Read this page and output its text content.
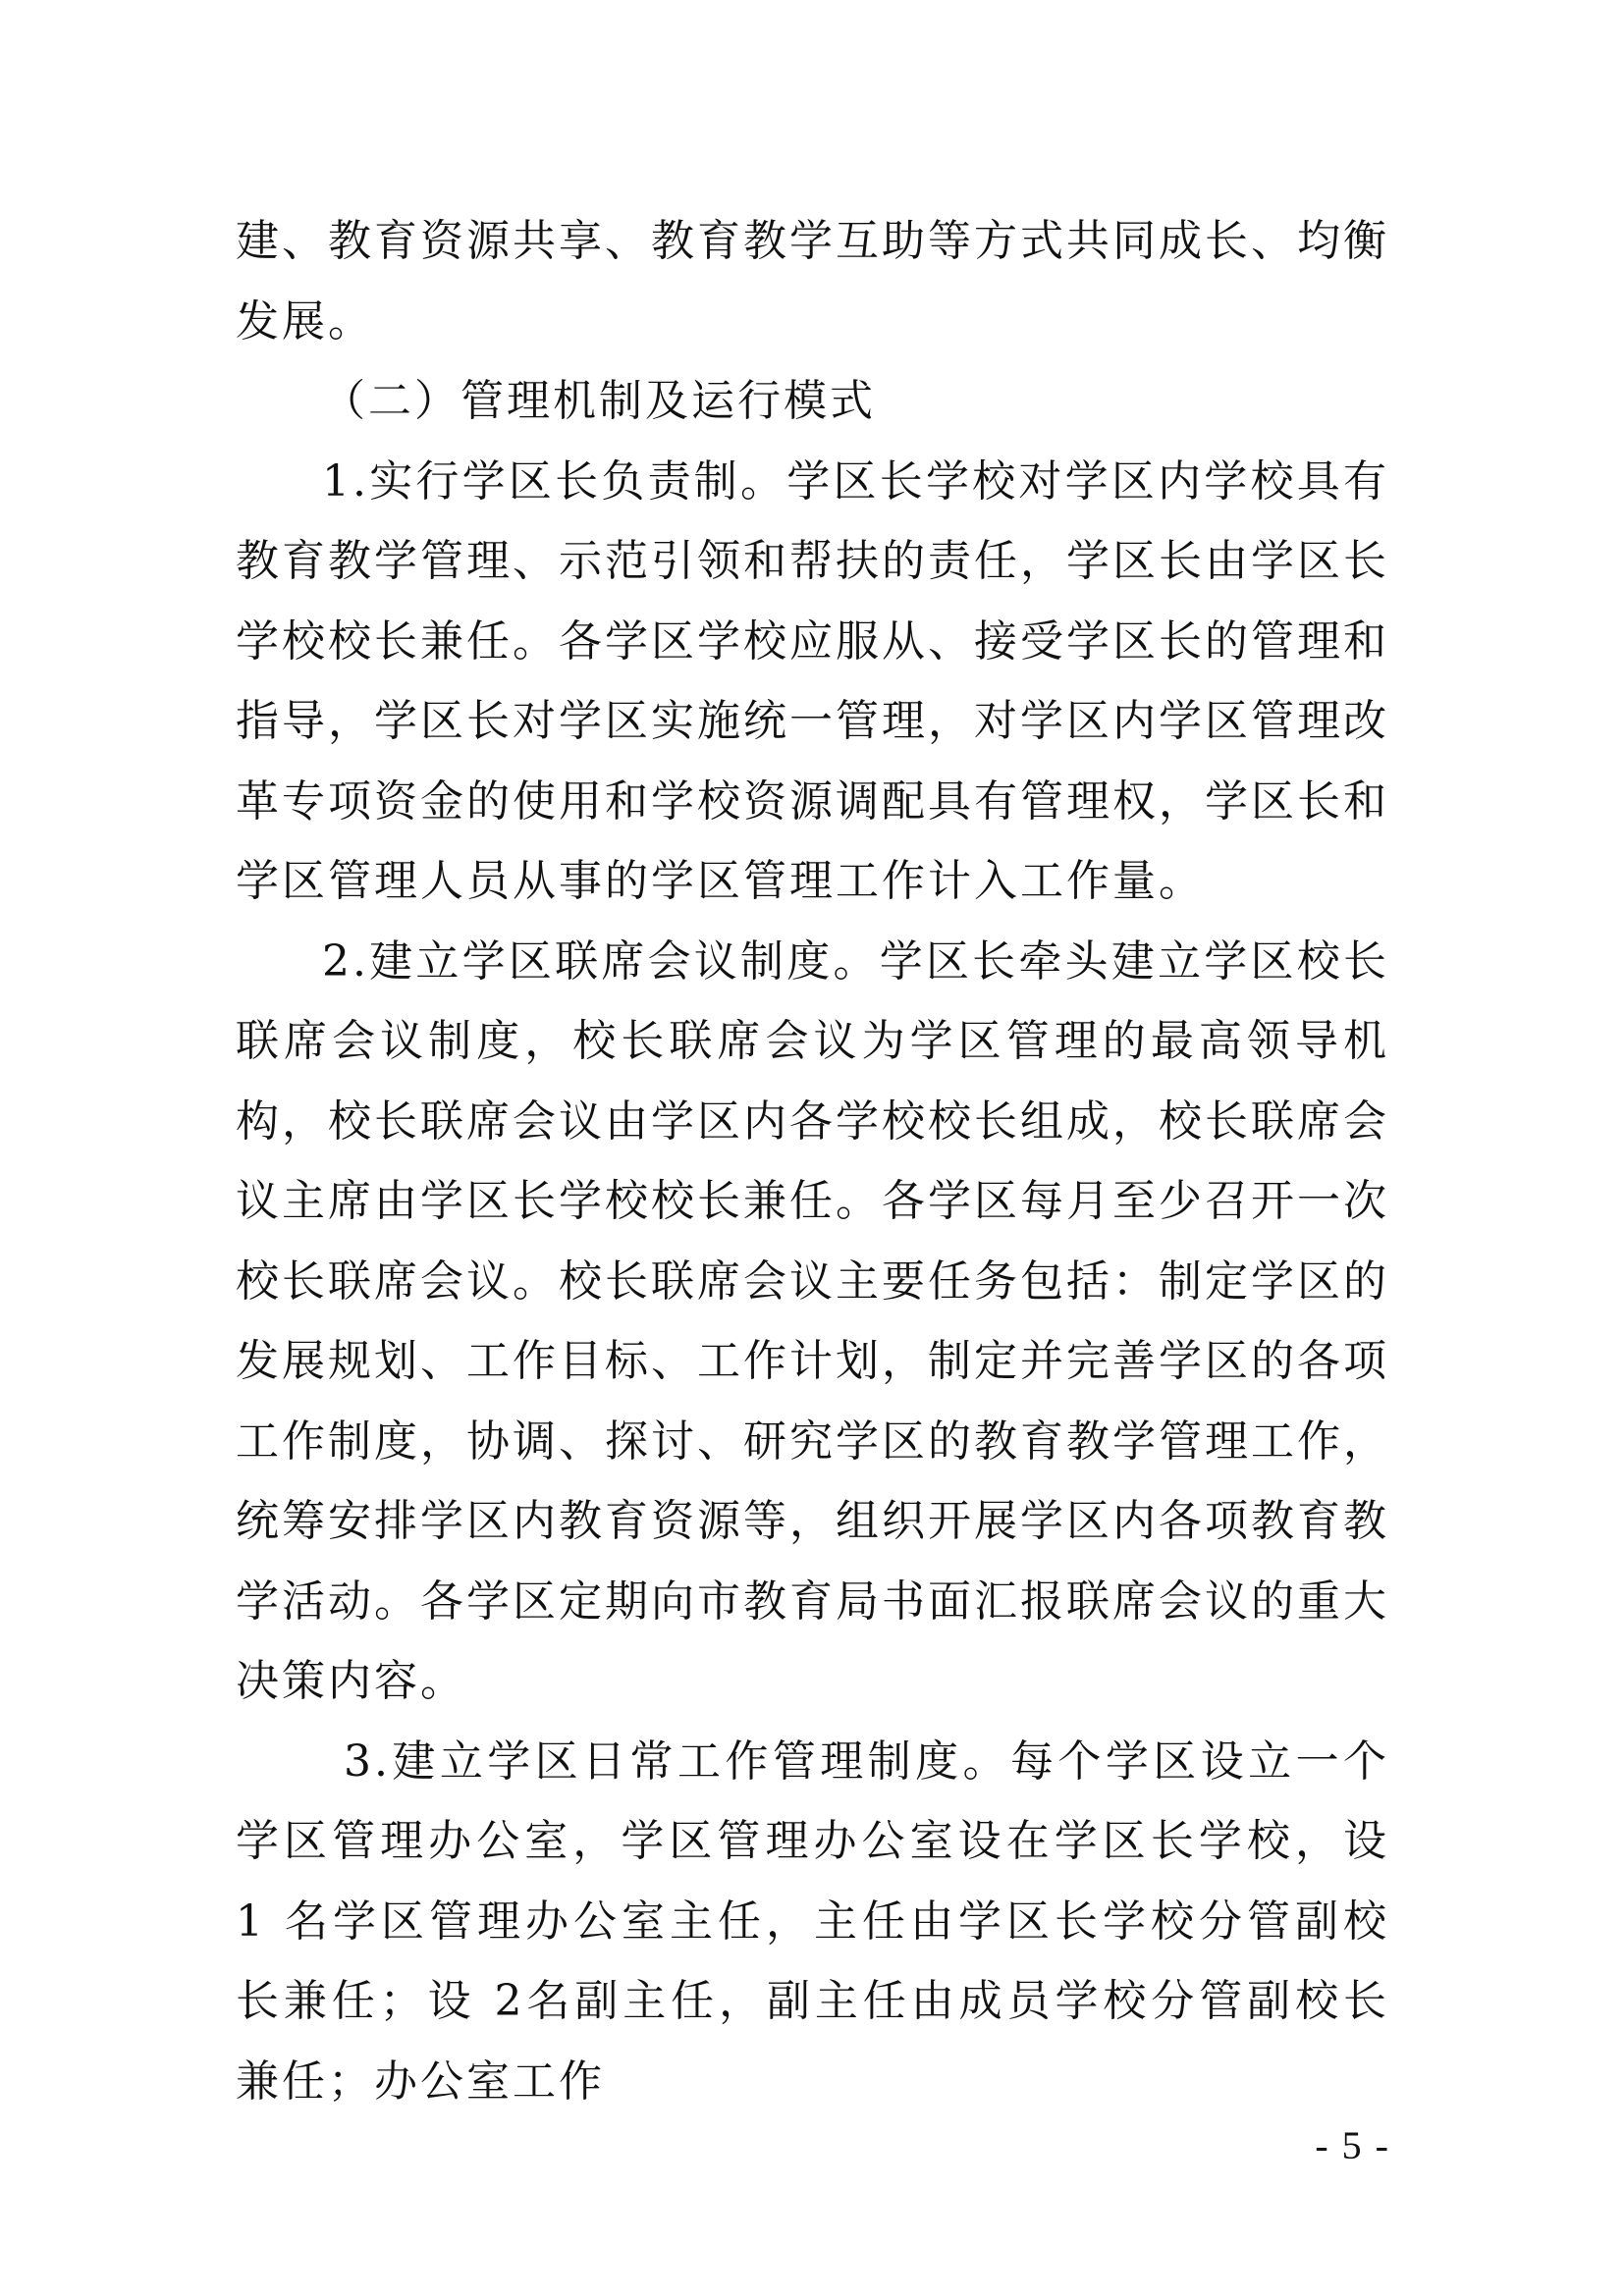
建、教育资源共享、教育教学互助等方式共同成长、均衡发展。

（二）管理机制及运行模式

1.实行学区长负责制。学区长学校对学区内学校具有教育教学管理、示范引领和帮扶的责任，学区长由学区长学校校长兼任。各学区学校应服从、接受学区长的管理和指导，学区长对学区实施统一管理，对学区内学区管理改革专项资金的使用和学校资源调配具有管理权，学区长和学区管理人员从事的学区管理工作计入工作量。

2.建立学区联席会议制度。学区长牵头建立学区校长联席会议制度，校长联席会议为学区管理的最高领导机构，校长联席会议由学区内各学校校长组成，校长联席会议主席由学区长学校校长兼任。各学区每月至少召开一次校长联席会议。校长联席会议主要任务包括：制定学区的发展规划、工作目标、工作计划，制定并完善学区的各项工作制度，协调、探讨、研究学区的教育教学管理工作，统筹安排学区内教育资源等，组织开展学区内各项教育教学活动。各学区定期向市教育局书面汇报联席会议的重大决策内容。

3.建立学区日常工作管理制度。每个学区设立一个学区管理办公室，学区管理办公室设在学区长学校，设 1 名学区管理办公室主任，主任由学区长学校分管副校长兼任；设 2名副主任，副主任由成员学校分管副校长兼任；办公室工作

- 5 -
